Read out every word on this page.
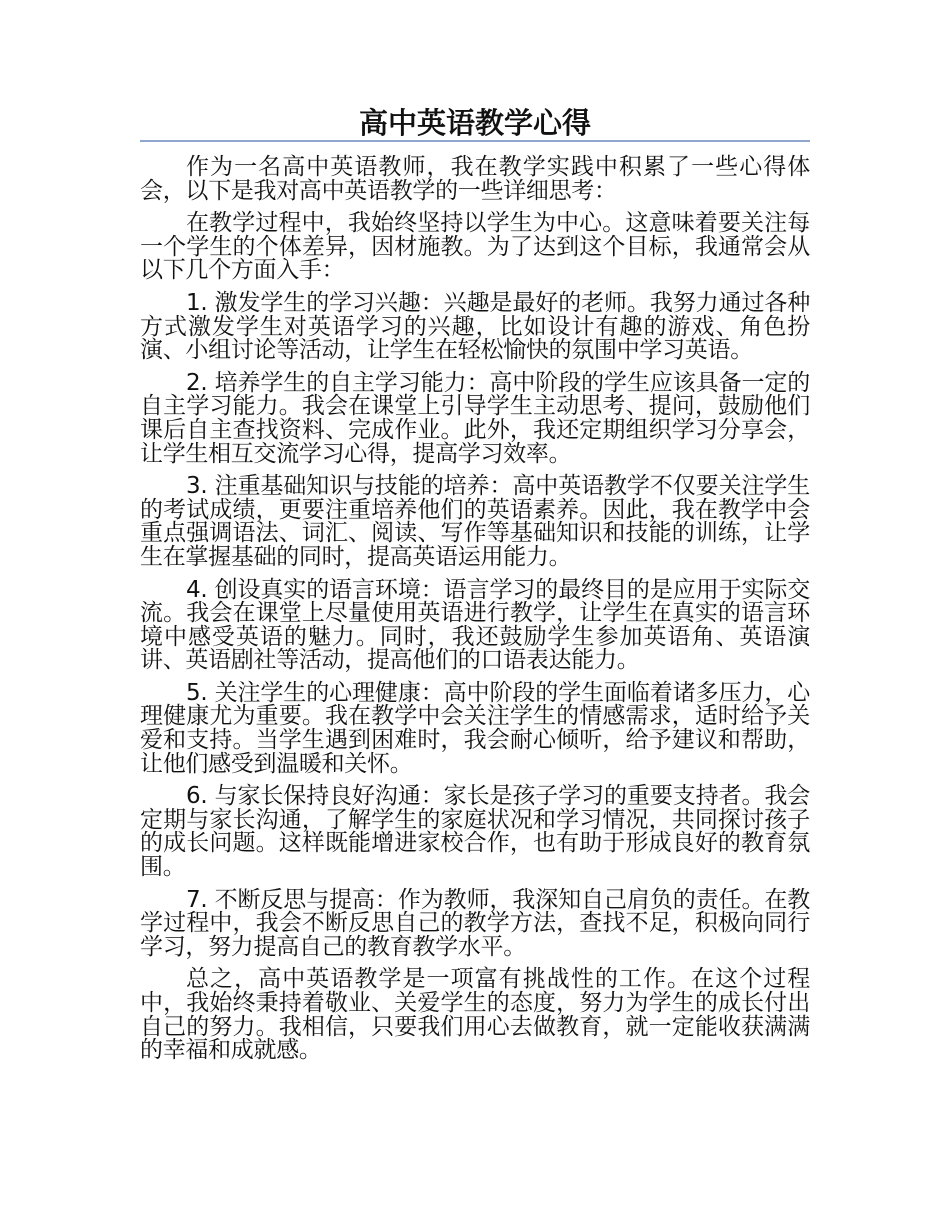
高中英语教学心得

作为一名高中英语教师，我在教学实践中积累了一些心得体会，以下是我对高中英语教学的一些详细思考：

在教学过程中，我始终坚持以学生为中心。这意味着要关注每一个学生的个体差异，因材施教。为了达到这个目标，我通常会从以下几个方面入手：

1. 激发学生的学习兴趣：兴趣是最好的老师。我努力通过各种方式激发学生对英语学习的兴趣，比如设计有趣的游戏、角色扮演、小组讨论等活动，让学生在轻松愉快的氛围中学习英语。

2. 培养学生的自主学习能力：高中阶段的学生应该具备一定的自主学习能力。我会在课堂上引导学生主动思考、提问，鼓励他们课后自主查找资料、完成作业。此外，我还定期组织学习分享会，让学生相互交流学习心得，提高学习效率。

3. 注重基础知识与技能的培养：高中英语教学不仅要关注学生的考试成绩，更要注重培养他们的英语素养。因此，我在教学中会重点强调语法、词汇、阅读、写作等基础知识和技能的训练，让学生在掌握基础的同时，提高英语运用能力。

4. 创设真实的语言环境：语言学习的最终目的是应用于实际交流。我会在课堂上尽量使用英语进行教学，让学生在真实的语言环境中感受英语的魅力。同时，我还鼓励学生参加英语角、英语演讲、英语剧社等活动，提高他们的口语表达能力。

5. 关注学生的心理健康：高中阶段的学生面临着诸多压力，心理健康尤为重要。我在教学中会关注学生的情感需求，适时给予关爱和支持。当学生遇到困难时，我会耐心倾听，给予建议和帮助，让他们感受到温暖和关怀。

6. 与家长保持良好沟通：家长是孩子学习的重要支持者。我会定期与家长沟通，了解学生的家庭状况和学习情况，共同探讨孩子的成长问题。这样既能增进家校合作，也有助于形成良好的教育氛围。

7. 不断反思与提高：作为教师，我深知自己肩负的责任。在教学过程中，我会不断反思自己的教学方法，查找不足，积极向同行学习，努力提高自己的教育教学水平。

总之，高中英语教学是一项富有挑战性的工作。在这个过程中，我始终秉持着敬业、关爱学生的态度，努力为学生的成长付出自己的努力。我相信，只要我们用心去做教育，就一定能收获满满的幸福和成就感。
